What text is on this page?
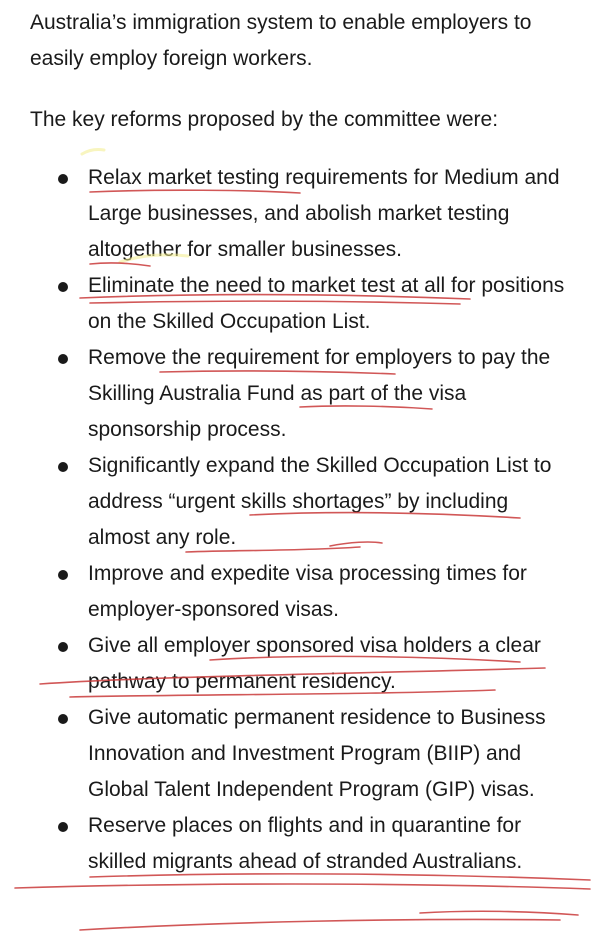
Australia’s immigration system to enable employers to easily employ foreign workers.

The key reforms proposed by the committee were:

Relax market testing requirements for Medium and Large businesses, and abolish market testing altogether for smaller businesses.
Eliminate the need to market test at all for positions on the Skilled Occupation List.
Remove the requirement for employers to pay the Skilling Australia Fund as part of the visa sponsorship process.
Significantly expand the Skilled Occupation List to address “urgent skills shortages” by including almost any role.
Improve and expedite visa processing times for employer-sponsored visas.
Give all employer sponsored visa holders a clear pathway to permanent residency.
Give automatic permanent residence to Business Innovation and Investment Program (BIIP) and Global Talent Independent Program (GIP) visas.
Reserve places on flights and in quarantine for skilled migrants ahead of stranded Australians.
